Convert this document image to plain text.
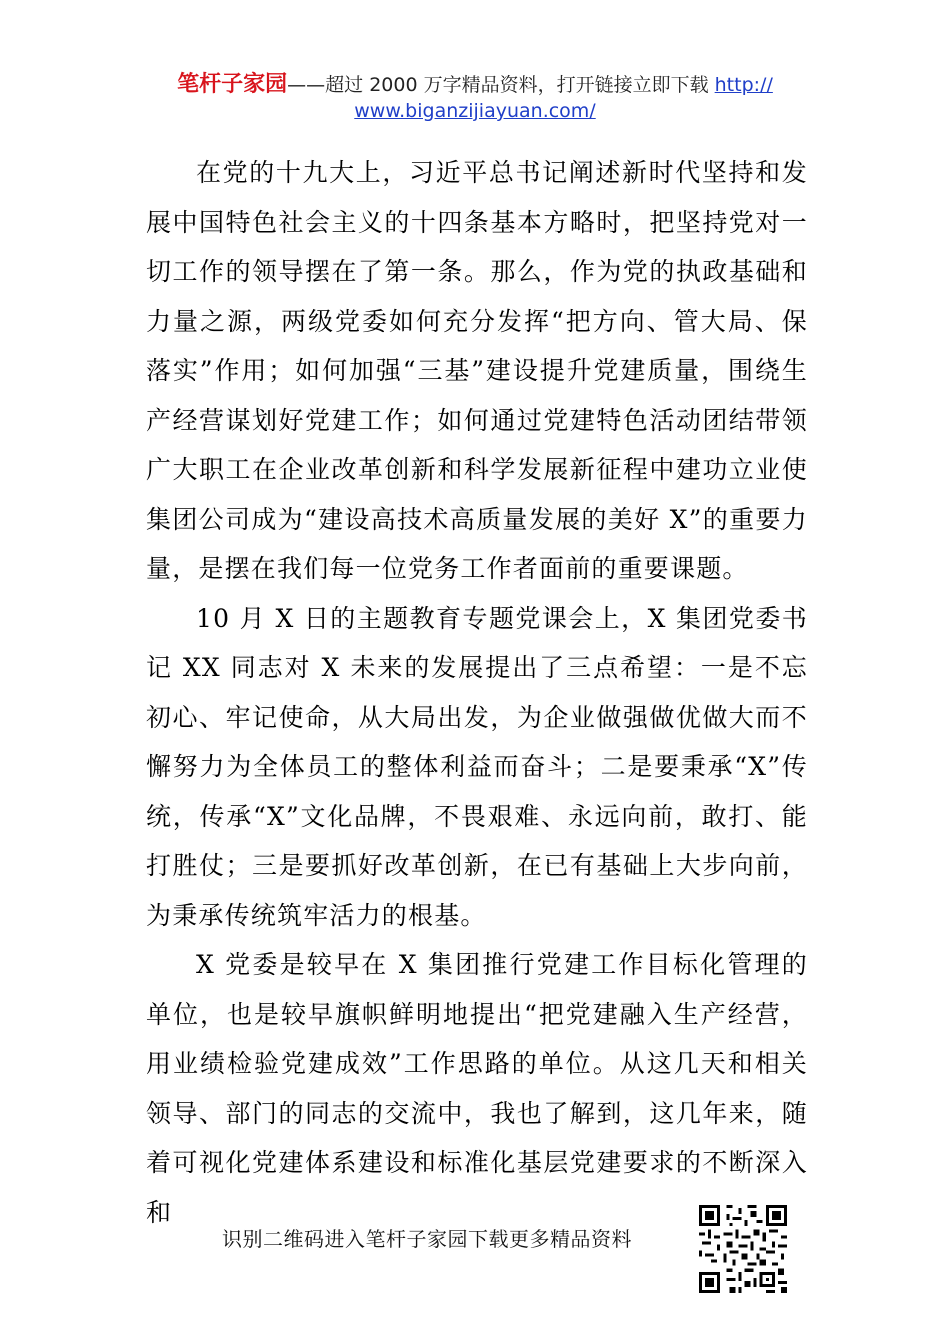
笔杆子家园——超过 2000 万字精品资料，打开链接立即下载 http://
www.biganzijiayuan.com/

在党的十九大上，习近平总书记阐述新时代坚持和发展中国特色社会主义的十四条基本方略时，把坚持党对一切工作的领导摆在了第一条。那么，作为党的执政基础和力量之源，两级党委如何充分发挥“把方向、管大局、保落实”作用；如何加强“三基”建设提升党建质量，围绕生产经营谋划好党建工作；如何通过党建特色活动团结带领广大职工在企业改革创新和科学发展新征程中建功立业使集团公司成为“建设高技术高质量发展的美好 X”的重要力量，是摆在我们每一位党务工作者面前的重要课题。

10 月 X 日的主题教育专题党课会上，X 集团党委书记 XX 同志对 X 未来的发展提出了三点希望：一是不忘初心、牢记使命，从大局出发，为企业做强做优做大而不懈努力为全体员工的整体利益而奋斗；二是要秉承“X”传统，传承“X”文化品牌，不畏艰难、永远向前，敢打、能打胜仗；三是要抓好改革创新，在已有基础上大步向前，为秉承传统筑牢活力的根基。

X 党委是较早在 X 集团推行党建工作目标化管理的单位，也是较早旗帜鲜明地提出“把党建融入生产经营，用业绩检验党建成效”工作思路的单位。从这几天和相关领导、部门的同志的交流中，我也了解到，这几年来，随着可视化党建体系建设和标准化基层党建要求的不断深入和

识别二维码进入笔杆子家园下载更多精品资料
